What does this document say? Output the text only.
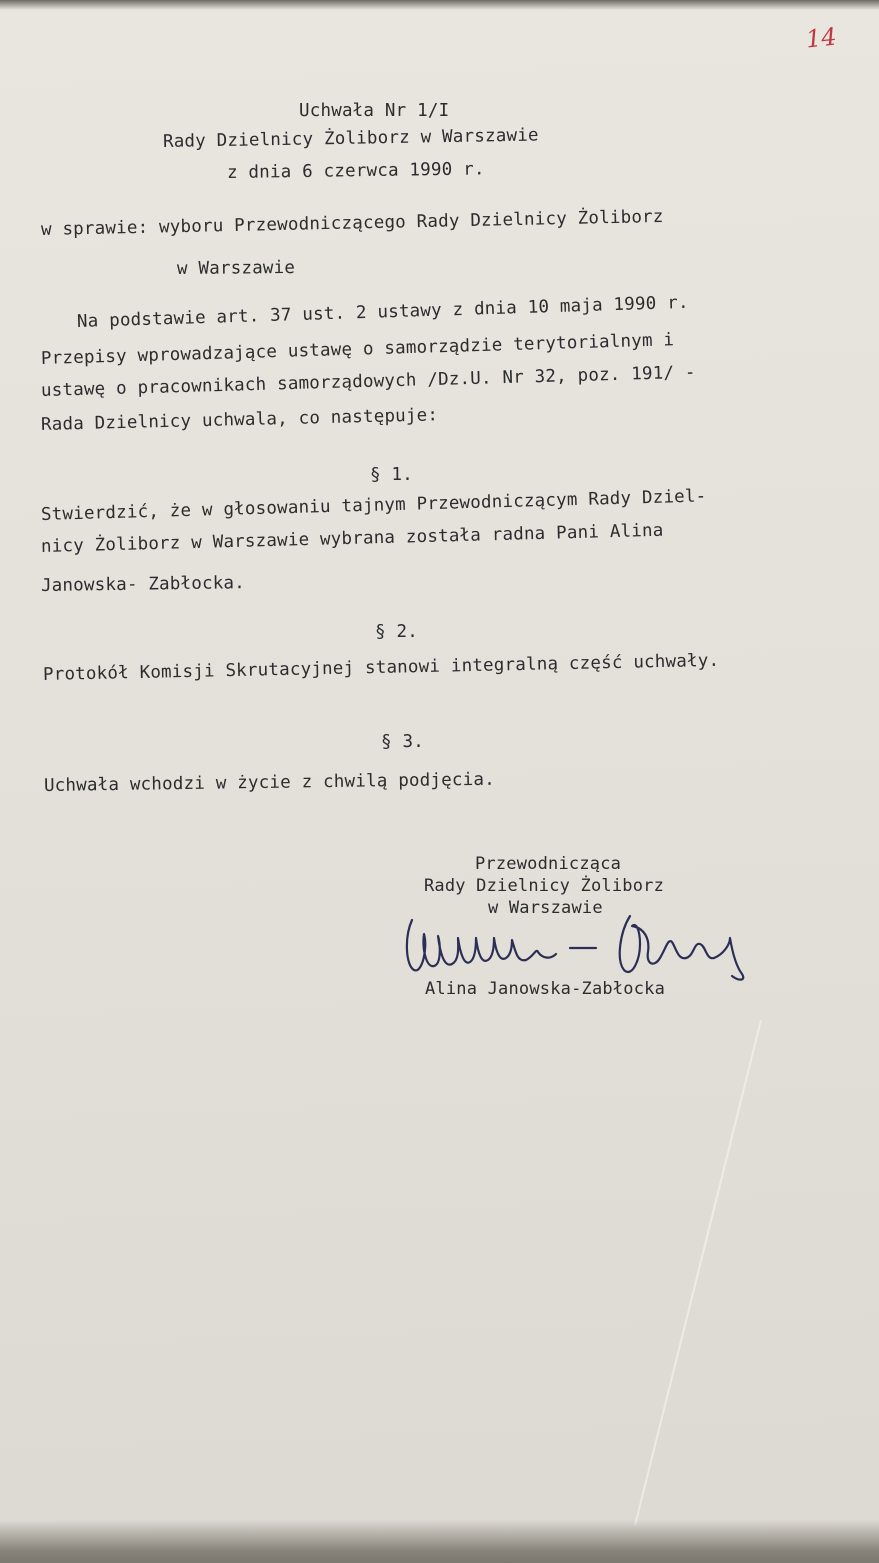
14
Uchwała Nr 1/I
Rady Dzielnicy Żoliborz w Warszawie
z dnia 6 czerwca 1990 r.
w sprawie: wyboru Przewodniczącego Rady Dzielnicy Żoliborz
w Warszawie
Na podstawie art. 37 ust. 2 ustawy z dnia 10 maja 1990 r.
Przepisy wprowadzające ustawę o samorządzie terytorialnym i
ustawę o pracownikach samorządowych /Dz.U. Nr 32, poz. 191/ -
Rada Dzielnicy uchwala, co następuje:
§ 1.
Stwierdzić, że w głosowaniu tajnym Przewodniczącym Rady Dziel-
nicy Żoliborz w Warszawie wybrana została radna Pani Alina
Janowska- Zabłocka.
§ 2.
Protokół Komisji Skrutacyjnej stanowi integralną część uchwały.
§ 3.
Uchwała wchodzi w życie z chwilą podjęcia.
Przewodnicząca
Rady Dzielnicy Żoliborz
w Warszawie
Alina Janowska-Zabłocka
